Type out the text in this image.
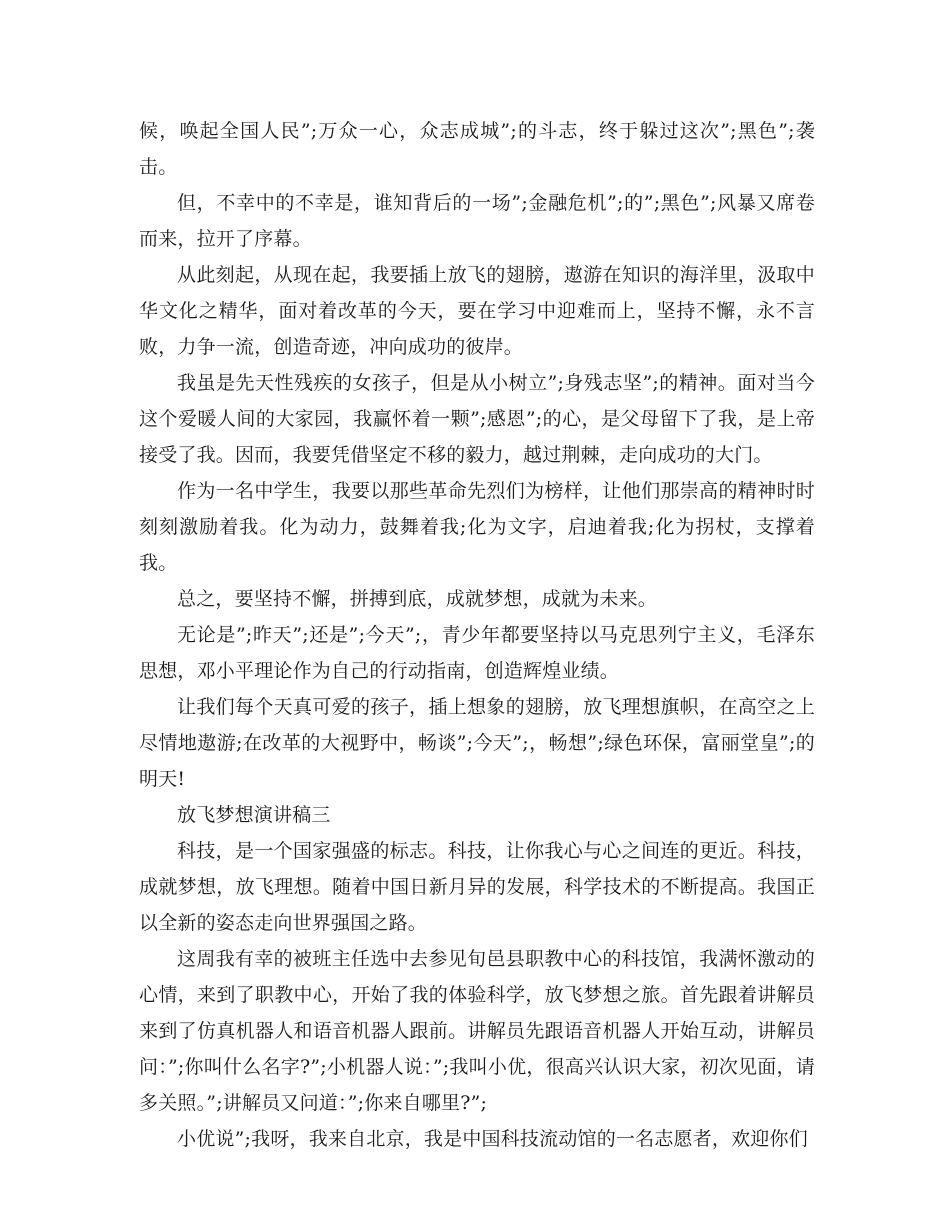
候，唤起全国人民”;万众一心，众志成城”;的斗志，终于躲过这次”;黑色”;袭击。

但，不幸中的不幸是，谁知背后的一场”;金融危机”;的”;黑色”;风暴又席卷而来，拉开了序幕。

从此刻起，从现在起，我要插上放飞的翅膀，遨游在知识的海洋里，汲取中华文化之精华，面对着改革的今天，要在学习中迎难而上，坚持不懈，永不言败，力争一流，创造奇迹，冲向成功的彼岸。

我虽是先天性残疾的女孩子，但是从小树立”;身残志坚”;的精神。面对当今这个爱暖人间的大家园，我赢怀着一颗”;感恩”;的心，是父母留下了我，是上帝接受了我。因而，我要凭借坚定不移的毅力，越过荆棘，走向成功的大门。

作为一名中学生，我要以那些革命先烈们为榜样，让他们那崇高的精神时时刻刻激励着我。化为动力，鼓舞着我;化为文字，启迪着我;化为拐杖，支撑着我。

总之，要坚持不懈，拼搏到底，成就梦想，成就为未来。

无论是”;昨天”;还是”;今天”;，青少年都要坚持以马克思列宁主义，毛泽东思想，邓小平理论作为自己的行动指南，创造辉煌业绩。

让我们每个天真可爱的孩子，插上想象的翅膀，放飞理想旗帜，在高空之上尽情地遨游;在改革的大视野中，畅谈”;今天”;，畅想”;绿色环保，富丽堂皇”;的明天!

放飞梦想演讲稿三

科技，是一个国家强盛的标志。科技，让你我心与心之间连的更近。科技，成就梦想，放飞理想。随着中国日新月异的发展，科学技术的不断提高。我国正以全新的姿态走向世界强国之路。

这周我有幸的被班主任选中去参见旬邑县职教中心的科技馆，我满怀激动的心情，来到了职教中心，开始了我的体验科学，放飞梦想之旅。首先跟着讲解员来到了仿真机器人和语音机器人跟前。讲解员先跟语音机器人开始互动，讲解员问：”;你叫什么名字?”;小机器人说：”;我叫小优，很高兴认识大家，初次见面，请多关照。”;讲解员又问道：”;你来自哪里?”;

小优说”;我呀，我来自北京，我是中国科技流动馆的一名志愿者，欢迎你们
